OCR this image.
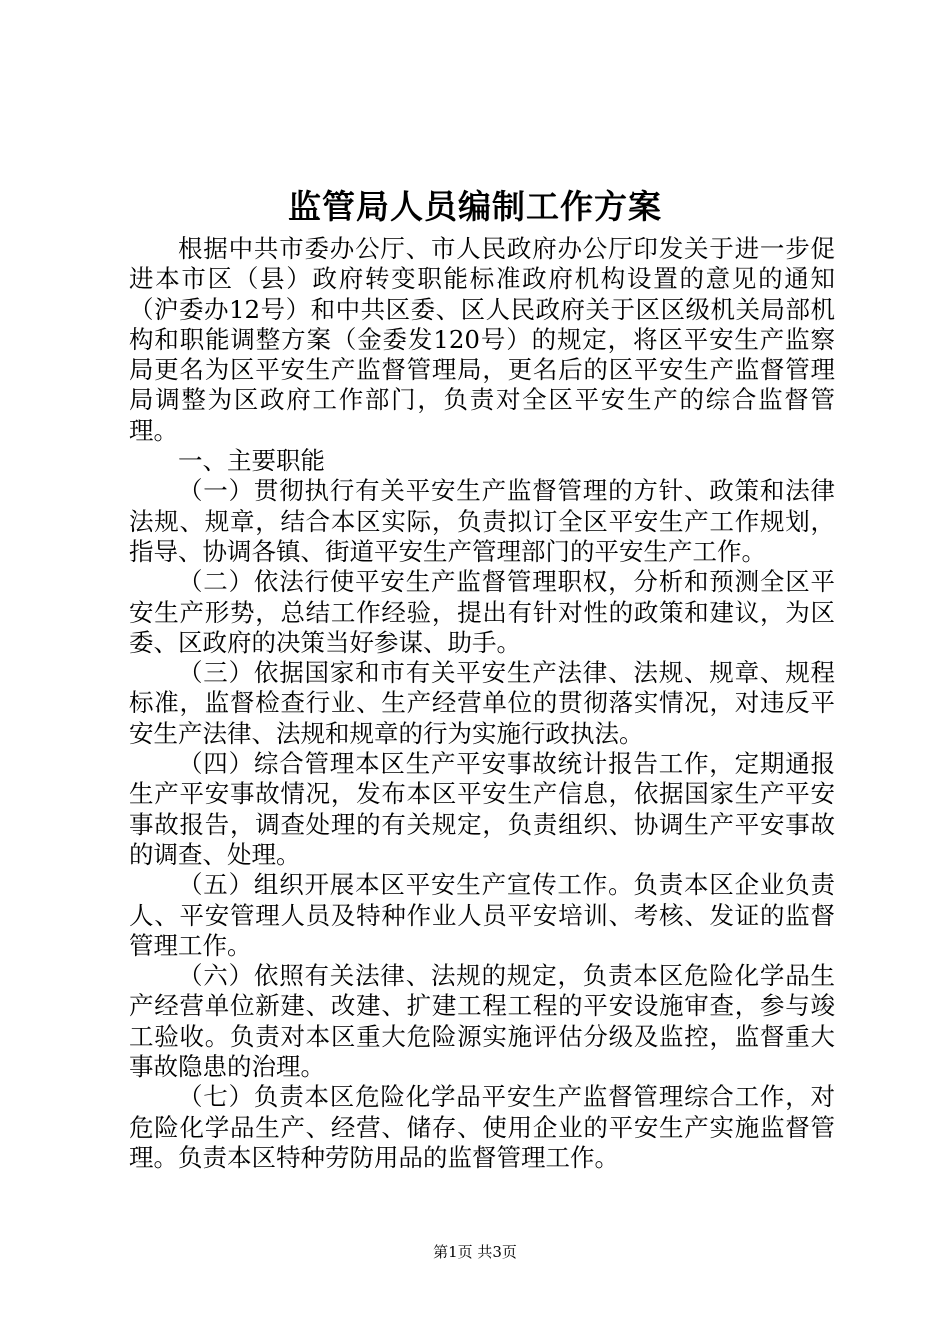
监管局人员编制工作方案

根据中共市委办公厅、市人民政府办公厅印发关于进一步促进本市区（县）政府转变职能标准政府机构设置的意见的通知（沪委办12号）和中共区委、区人民政府关于区区级机关局部机构和职能调整方案（金委发120号）的规定，将区平安生产监察局更名为区平安生产监督管理局，更名后的区平安生产监督管理局调整为区政府工作部门，负责对全区平安生产的综合监督管理。

一、主要职能

（一）贯彻执行有关平安生产监督管理的方针、政策和法律法规、规章，结合本区实际，负责拟订全区平安生产工作规划，指导、协调各镇、街道平安生产管理部门的平安生产工作。

（二）依法行使平安生产监督管理职权，分析和预测全区平安生产形势，总结工作经验，提出有针对性的政策和建议，为区委、区政府的决策当好参谋、助手。

（三）依据国家和市有关平安生产法律、法规、规章、规程标准，监督检查行业、生产经营单位的贯彻落实情况，对违反平安生产法律、法规和规章的行为实施行政执法。

（四）综合管理本区生产平安事故统计报告工作，定期通报生产平安事故情况，发布本区平安生产信息，依据国家生产平安事故报告，调查处理的有关规定，负责组织、协调生产平安事故的调查、处理。

（五）组织开展本区平安生产宣传工作。负责本区企业负责人、平安管理人员及特种作业人员平安培训、考核、发证的监督管理工作。

（六）依照有关法律、法规的规定，负责本区危险化学品生产经营单位新建、改建、扩建工程工程的平安设施审查，参与竣工验收。负责对本区重大危险源实施评估分级及监控，监督重大事故隐患的治理。

（七）负责本区危险化学品平安生产监督管理综合工作，对危险化学品生产、经营、储存、使用企业的平安生产实施监督管理。负责本区特种劳防用品的监督管理工作。

第1页 共3页
